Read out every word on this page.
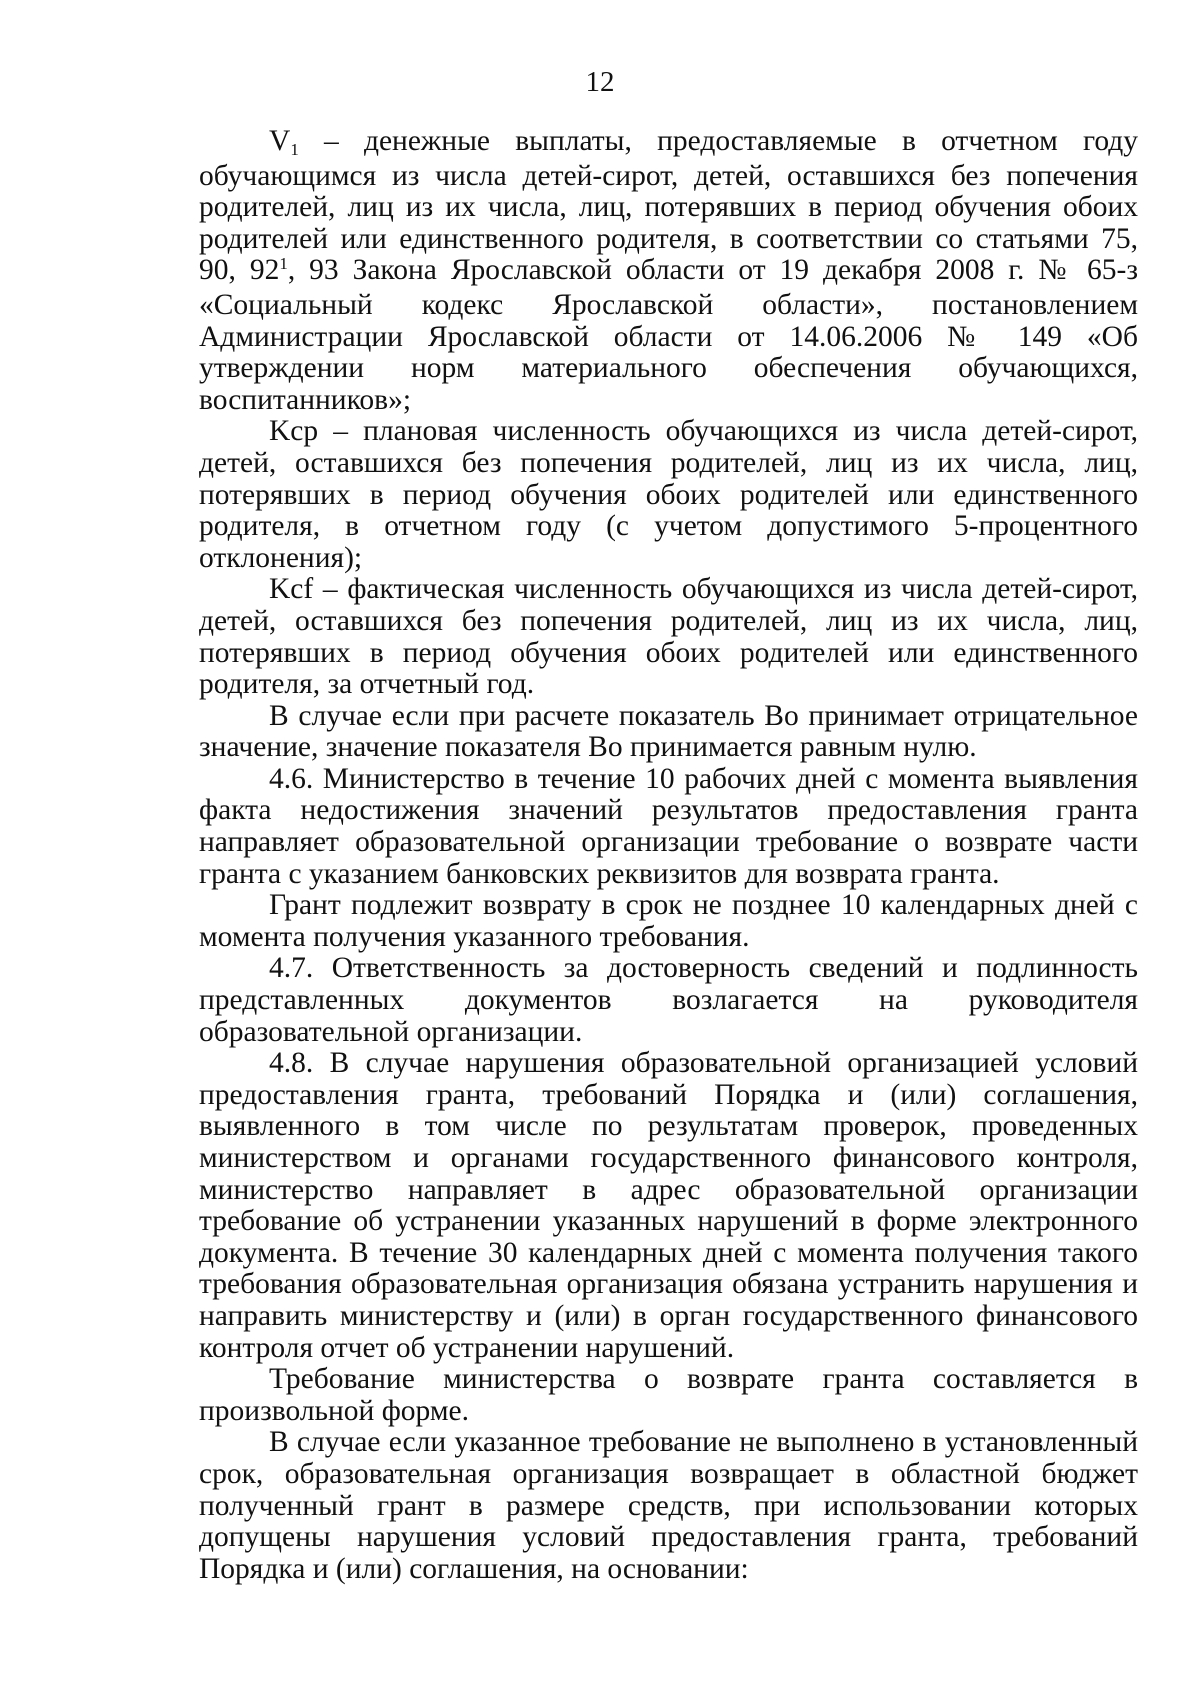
12

V1 – денежные выплаты, предоставляемые в отчетном году обучающимся из числа детей-сирот, детей, оставшихся без попечения родителей, лиц из их числа, лиц, потерявших в период обучения обоих родителей или единственного родителя, в соответствии со статьями 75, 90, $92^1$, 93 Закона Ярославской области от 19 декабря 2008 г. № 65-з «Социальный кодекс Ярославской области», постановлением Администрации Ярославской области от 14.06.2006 № 149 «Об утверждении норм материального обеспечения обучающихся, воспитанников»;

Kcp – плановая численность обучающихся из числа детей-сирот, детей, оставшихся без попечения родителей, лиц из их числа, лиц, потерявших в период обучения обоих родителей или единственного родителя, в отчетном году (с учетом допустимого 5-процентного отклонения);

Kcf – фактическая численность обучающихся из числа детей-сирот, детей, оставшихся без попечения родителей, лиц из их числа, лиц, потерявших в период обучения обоих родителей или единственного родителя, за отчетный год.

В случае если при расчете показатель Bo принимает отрицательное значение, значение показателя Bo принимается равным нулю.

4.6. Министерство в течение 10 рабочих дней с момента выявления факта недостижения значений результатов предоставления гранта направляет образовательной организации требование о возврате части гранта с указанием банковских реквизитов для возврата гранта.

Грант подлежит возврату в срок не позднее 10 календарных дней с момента получения указанного требования.

4.7. Ответственность за достоверность сведений и подлинность представленных документов возлагается на руководителя образовательной организации.

4.8. В случае нарушения образовательной организацией условий предоставления гранта, требований Порядка и (или) соглашения, выявленного в том числе по результатам проверок, проведенных министерством и органами государственного финансового контроля, министерство направляет в адрес образовательной организации требование об устранении указанных нарушений в форме электронного документа. В течение 30 календарных дней с момента получения такого требования образовательная организация обязана устранить нарушения и направить министерству и (или) в орган государственного финансового контроля отчет об устранении нарушений.

Требование министерства о возврате гранта составляется в произвольной форме.

В случае если указанное требование не выполнено в установленный срок, образовательная организация возвращает в областной бюджет полученный грант в размере средств, при использовании которых допущены нарушения условий предоставления гранта, требований Порядка и (или) соглашения, на основании:
